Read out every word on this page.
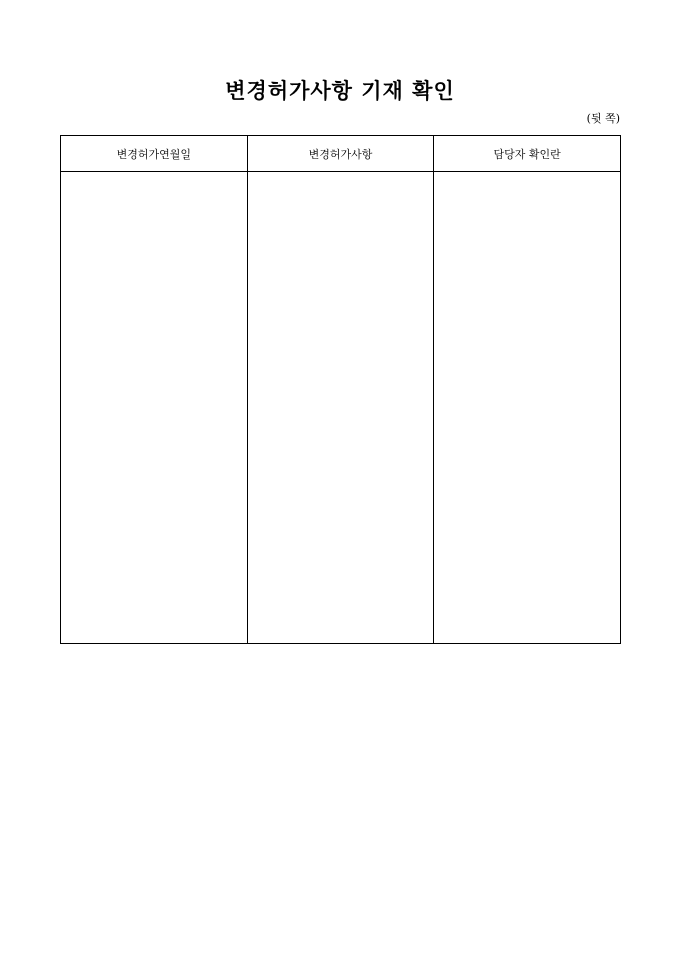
변경허가사항 기재 확인
(뒷 쪽)
변경허가연월일	변경허가사항	담당자 확인란
